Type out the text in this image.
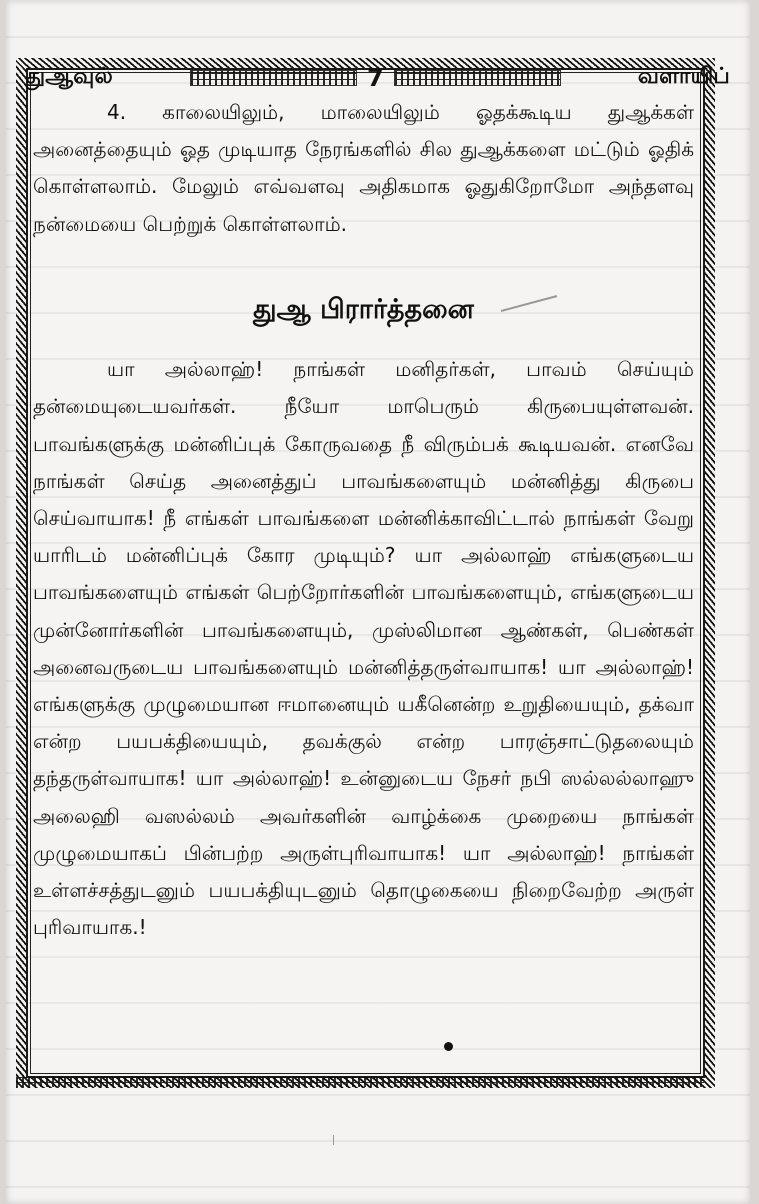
துஆவுல்	7	வளாயிப்

4. காலையிலும், மாலையிலும் ஓதக்கூடிய துஆக்கள் அனைத்தையும் ஓத முடியாத நேரங்களில் சில துஆக்களை மட்டும் ஓதிக் கொள்ளலாம். மேலும் எவ்வளவு அதிகமாக ஓதுகிறோமோ அந்தளவு நன்மையை பெற்றுக் கொள்ளலாம்.

துஆ பிரார்த்தனை

யா அல்லாஹ்! நாங்கள் மனிதர்கள், பாவம் செய்யும் தன்மையுடையவர்கள். நீயோ மாபெரும் கிருபையுள்ளவன். பாவங்களுக்கு மன்னிப்புக் கோருவதை நீ விரும்பக் கூடியவன். எனவே நாங்கள் செய்த அனைத்துப் பாவங்களையும் மன்னித்து கிருபை செய்வாயாக! நீ எங்கள் பாவங்களை மன்னிக்காவிட்டால் நாங்கள் வேறு யாரிடம் மன்னிப்புக் கோர முடியும்? யா அல்லாஹ் எங்களுடைய பாவங்களையும் எங்கள் பெற்றோர்களின் பாவங்களையும், எங்களுடைய முன்னோர்களின் பாவங்களையும், முஸ்லிமான ஆண்கள், பெண்கள் அனைவருடைய பாவங்களையும் மன்னித்தருள்வாயாக! யா அல்லாஹ்! எங்களுக்கு முழுமையான ஈமானையும் யகீனென்ற உறுதியையும், தக்வா என்ற பயபக்தியையும், தவக்குல் என்ற பாரஞ்சாட்டுதலையும் தந்தருள்வாயாக! யா அல்லாஹ்! உன்னுடைய நேசர் நபி ஸல்லல்லாஹு அலைஹி வஸல்லம் அவர்களின் வாழ்க்கை முறையை நாங்கள் முழுமையாகப் பின்பற்ற அருள்புரிவாயாக! யா அல்லாஹ்! நாங்கள் உள்ளச்சத்துடனும் பயபக்தியுடனும் தொழுகையை நிறைவேற்ற அருள் புரிவாயாக.!
